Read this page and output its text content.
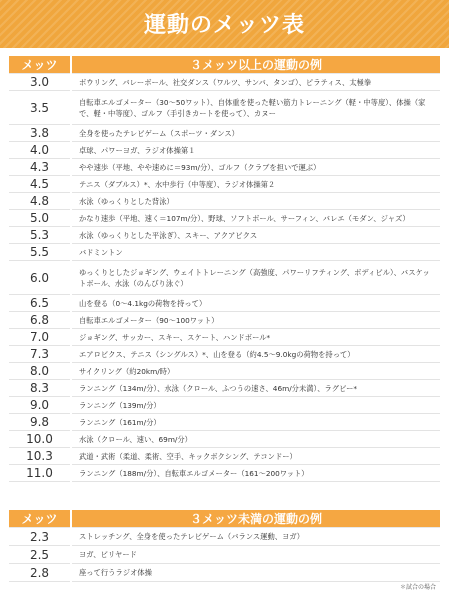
運動のメッツ表
メッツ	３メッツ以上の運動の例
3.0	ボウリング、バレーボール、社交ダンス（ワルツ、サンバ、タンゴ）、ピラティス、太極拳
3.5	自転車エルゴメーター（30～50ワット）、自体重を使った軽い筋力トレーニング（軽・中等度）、体操（家で、軽・中等度）、ゴルフ（手引きカートを使って）、カヌー
3.8	全身を使ったテレビゲーム（スポーツ・ダンス）
4.0	卓球、パワーヨガ、ラジオ体操第１
4.3	やや速歩（平地、やや速めに＝93m/分）、ゴルフ（クラブを担いで運ぶ）
4.5	テニス（ダブルス）*、水中歩行（中等度）、ラジオ体操第２
4.8	水泳（ゆっくりとした背泳）
5.0	かなり速歩（平地、速く＝107m/分）、野球、ソフトボール、サーフィン、バレエ（モダン、ジャズ）
5.3	水泳（ゆっくりとした平泳ぎ）、スキー、アクアビクス
5.5	バドミントン
6.0	ゆっくりとしたジョギング、ウェイトトレーニング（高強度、パワーリフティング、ボディビル）、バスケットボール、水泳（のんびり泳ぐ）
6.5	山を登る（0～4.1kgの荷物を持って）
6.8	自転車エルゴメーター（90～100ワット）
7.0	ジョギング、サッカー、スキー、スケート、ハンドボール*
7.3	エアロビクス、テニス（シングルス）*、山を登る（約4.5～9.0kgの荷物を持って）
8.0	サイクリング（約20km/時）
8.3	ランニング（134m/分）、水泳（クロール、ふつうの速さ、46m/分未満）、ラグビー*
9.0	ランニング（139m/分）
9.8	ランニング（161m/分）
10.0	水泳（クロール、速い、69m/分）
10.3	武道・武術（柔道、柔術、空手、キックボクシング、テコンドー）
11.0	ランニング（188m/分）、自転車エルゴメーター（161～200ワット）
メッツ	３メッツ未満の運動の例
2.3	ストレッチング、全身を使ったテレビゲーム（バランス運動、ヨガ）
2.5	ヨガ、ビリヤード
2.8	座って行うラジオ体操
＊試合の場合
